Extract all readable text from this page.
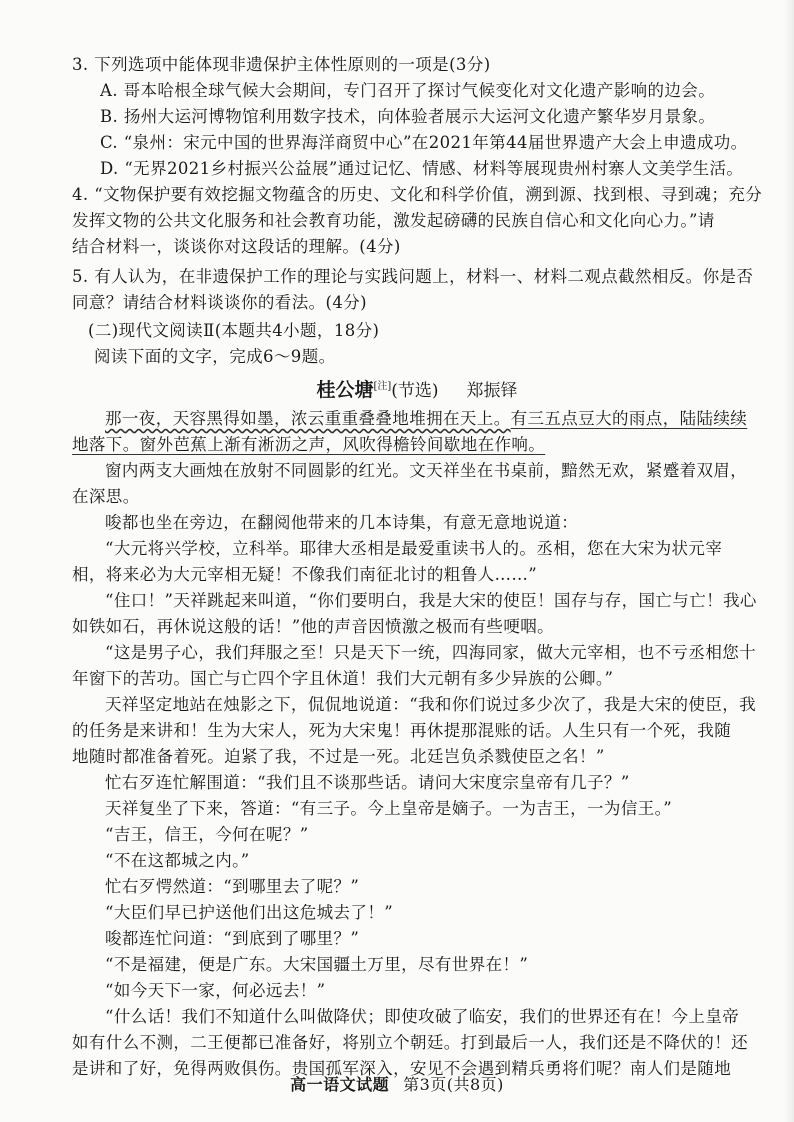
3. 下列选项中能体现非遗保护主体性原则的一项是(3分)
A. 哥本哈根全球气候大会期间，专门召开了探讨气候变化对文化遗产影响的边会。
B. 扬州大运河博物馆利用数字技术，向体验者展示大运河文化遗产繁华岁月景象。
C. “泉州：宋元中国的世界海洋商贸中心”在2021年第44届世界遗产大会上申遗成功。
D. “无界2021乡村振兴公益展”通过记忆、情感、材料等展现贵州村寨人文美学生活。
4. “文物保护要有效挖掘文物蕴含的历史、文化和科学价值，溯到源、找到根、寻到魂；充分
发挥文物的公共文化服务和社会教育功能，激发起磅礴的民族自信心和文化向心力。”请
结合材料一，谈谈你对这段话的理解。(4分)
5. 有人认为，在非遗保护工作的理论与实践问题上，材料一、材料二观点截然相反。你是否
同意？请结合材料谈谈你的看法。(4分)
(二)现代文阅读Ⅱ(本题共4小题，18分)
阅读下面的文字，完成6～9题。
桂公塘[注](节选) 郑振铎
那一夜，天容黑得如墨，浓云重重叠叠地堆拥在天上。有三五点豆大的雨点，陆陆续续
地落下。窗外芭蕉上渐有淅沥之声，风吹得檐铃间歇地在作响。
窗内两支大画烛在放射不同圆影的红光。文天祥坐在书桌前，黯然无欢，紧蹙着双眉，
在深思。
唆都也坐在旁边，在翻阅他带来的几本诗集，有意无意地说道：
“大元将兴学校，立科举。耶律大丞相是最爱重读书人的。丞相，您在大宋为状元宰
相，将来必为大元宰相无疑！不像我们南征北讨的粗鲁人……”
“住口！”天祥跳起来叫道，“你们要明白，我是大宋的使臣！国存与存，国亡与亡！我心
如铁如石，再休说这般的话！”他的声音因愤激之极而有些哽咽。
“这是男子心，我们拜服之至！只是天下一统，四海同家，做大元宰相，也不亏丞相您十
年窗下的苦功。国亡与亡四个字且休道！我们大元朝有多少异族的公卿。”
天祥坚定地站在烛影之下，侃侃地说道：“我和你们说过多少次了，我是大宋的使臣，我
的任务是来讲和！生为大宋人，死为大宋鬼！再休提那混账的话。人生只有一个死，我随
地随时都准备着死。迫紧了我，不过是一死。北廷岂负杀戮使臣之名！”
忙右歹连忙解围道：“我们且不谈那些话。请问大宋度宗皇帝有几子？”
天祥复坐了下来，答道：“有三子。今上皇帝是嫡子。一为吉王，一为信王。”
“吉王，信王，今何在呢？”
“不在这都城之内。”
忙右歹愕然道：“到哪里去了呢？”
“大臣们早已护送他们出这危城去了！”
唆都连忙问道：“到底到了哪里？”
“不是福建，便是广东。大宋国疆土万里，尽有世界在！”
“如今天下一家，何必远去！”
“什么话！我们不知道什么叫做降伏；即使攻破了临安，我们的世界还有在！今上皇帝
如有什么不测，二王便都已准备好，将别立个朝廷。打到最后一人，我们还是不降伏的！还
是讲和了好，免得两败俱伤。贵国孤军深入，安见不会遇到精兵勇将们呢？南人们是随地
高一语文试题 第3页(共8页)
